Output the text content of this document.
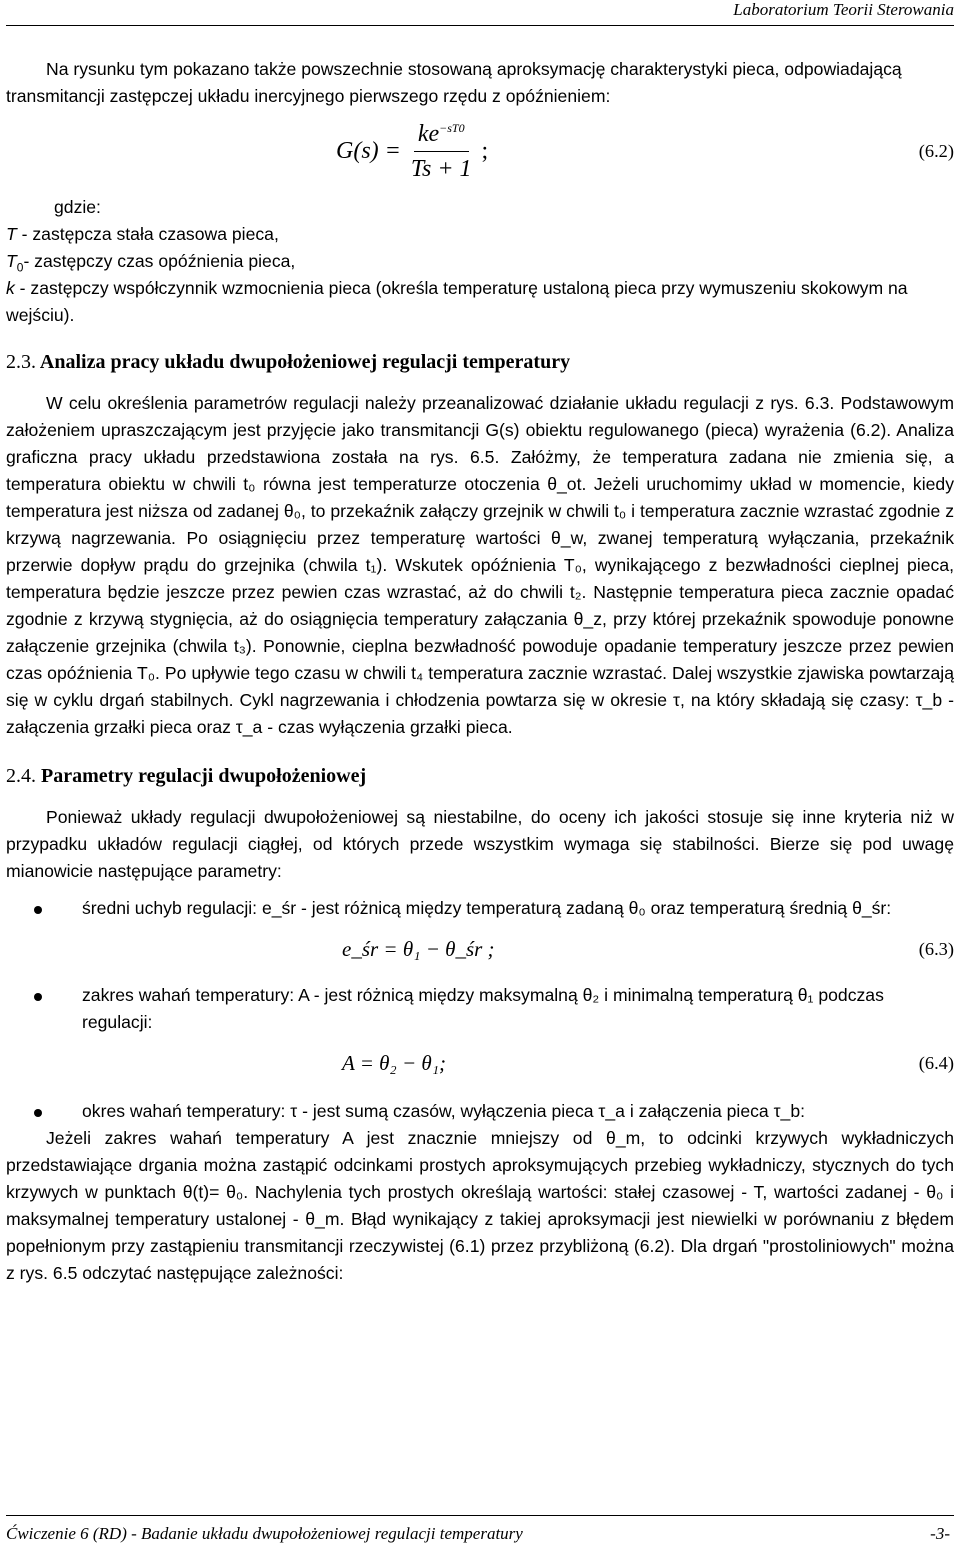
Laboratorium Teorii Sterowania

Na rysunku tym pokazano także powszechnie stosowaną aproksymację charakterystyki pieca, odpowiadającą transmitancji zastępczej układu inercyjnego pierwszego rzędu z opóźnieniem:

$G(s) = \frac{ke^{-sT0}}{Ts + 1}$ ;	(6.2)

gdzie:

T - zastępcza stała czasowa pieca,

$T_0-$ zastępczy czas opóźnienia pieca,

k - zastępczy współczynnik wzmocnienia pieca (określa temperaturę ustaloną pieca przy wymuszeniu skokowym na wejściu).

2.3. Analiza pracy układu dwupołożeniowej regulacji temperatury

W celu określenia parametrów regulacji należy przeanalizować działanie układu regulacji z rys. 6.3. Podstawowym założeniem upraszczającym jest przyjęcie jako transmitancji G(s) obiektu regulowanego (pieca) wyrażenia (6.2). Analiza graficzna pracy układu przedstawiona została na rys. 6.5. Załóżmy, że temperatura zadana nie zmienia się, a temperatura obiektu w chwili t₀ równa jest temperaturze otoczenia θ_ot. Jeżeli uruchomimy układ w momencie, kiedy temperatura jest niższa od zadanej θ₀, to przekaźnik załączy grzejnik w chwili t₀ i temperatura zacznie wzrastać zgodnie z krzywą nagrzewania. Po osiągnięciu przez temperaturę wartości θ_w, zwanej temperaturą wyłączania, przekaźnik przerwie dopływ prądu do grzejnika (chwila t₁). Wskutek opóźnienia T₀, wynikającego z bezwładności cieplnej pieca, temperatura będzie jeszcze przez pewien czas wzrastać, aż do chwili t₂. Następnie temperatura pieca zacznie opadać zgodnie z krzywą stygnięcia, aż do osiągnięcia temperatury załączania θ_z, przy której przekaźnik spowoduje ponowne załączenie grzejnika (chwila t₃). Ponownie, cieplna bezwładność powoduje opadanie temperatury jeszcze przez pewien czas opóźnienia T₀. Po upływie tego czasu w chwili t₄ temperatura zacznie wzrastać. Dalej wszystkie zjawiska powtarzają się w cyklu drgań stabilnych. Cykl nagrzewania i chłodzenia powtarza się w okresie τ, na który składają się czasy: τ_b - załączenia grzałki pieca oraz τ_a - czas wyłączenia grzałki pieca.

2.4. Parametry regulacji dwupołożeniowej

Ponieważ układy regulacji dwupołożeniowej są niestabilne, do oceny ich jakości stosuje się inne kryteria niż w przypadku układów regulacji ciągłej, od których przede wszystkim wymaga się stabilności. Bierze się pod uwagę mianowicie następujące parametry:

średni uchyb regulacji: e_śr - jest różnicą między temperaturą zadaną θ₀ oraz temperaturą średnią θ_śr:
e_śr = θ₁ − θ_śr ;	(6.3)
zakres wahań temperatury: A - jest różnicą między maksymalną θ₂ i minimalną temperaturą θ₁ podczas regulacji:
A = θ₂ − θ₁;	(6.4)
okres wahań temperatury: τ - jest sumą czasów, wyłączenia pieca τ_a i załączenia pieca τ_b:

Jeżeli zakres wahań temperatury A jest znacznie mniejszy od θ_m, to odcinki krzywych wykładniczych przedstawiające drgania można zastąpić odcinkami prostych aproksymujących przebieg wykładniczy, stycznych do tych krzywych w punktach θ(t)= θ₀. Nachylenia tych prostych określają wartości: stałej czasowej - T, wartości zadanej - θ₀ i maksymalnej temperatury ustalonej - θ_m. Błąd wynikający z takiej aproksymacji jest niewielki w porównaniu z błędem popełnionym przy zastąpieniu transmitancji rzeczywistej (6.1) przez przybliżoną (6.2). Dla drgań "prostoliniowych" można z rys. 6.5 odczytać następujące zależności:

Ćwiczenie 6 (RD) - Badanie układu dwupołożeniowej regulacji temperatury	-3-
